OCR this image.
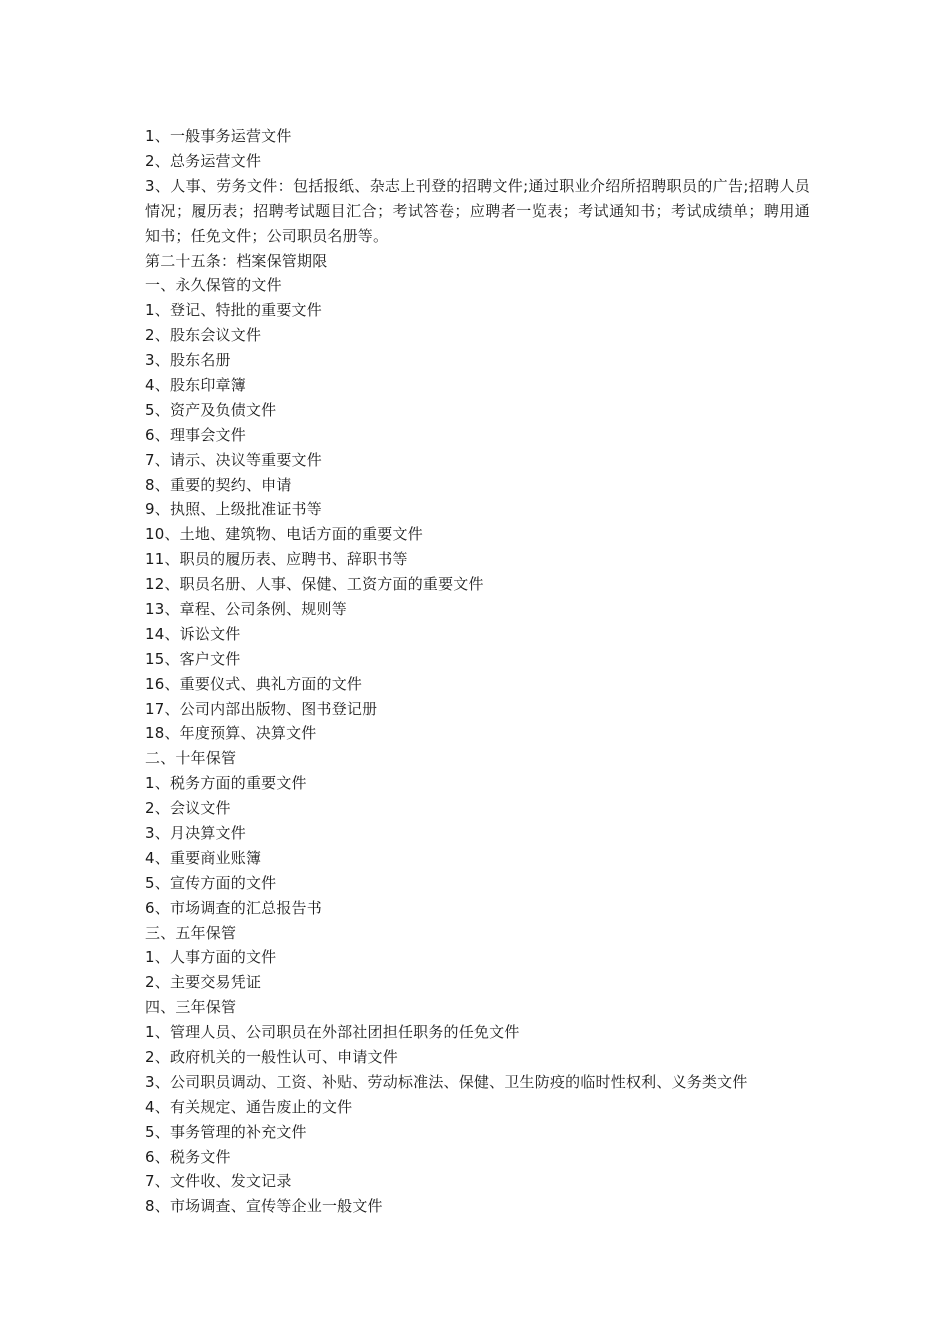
1、一般事务运营文件
2、总务运营文件
3、人事、劳务文件：包括报纸、杂志上刊登的招聘文件;通过职业介绍所招聘职员的广告;招聘人员情况；履历表；招聘考试题目汇合；考试答卷；应聘者一览表；考试通知书；考试成绩单；聘用通知书；任免文件；公司职员名册等。
第二十五条：档案保管期限
一、永久保管的文件
1、登记、特批的重要文件
2、股东会议文件
3、股东名册
4、股东印章簿
5、资产及负债文件
6、理事会文件
7、请示、决议等重要文件
8、重要的契约、申请
9、执照、上级批准证书等
10、土地、建筑物、电话方面的重要文件
11、职员的履历表、应聘书、辞职书等
12、职员名册、人事、保健、工资方面的重要文件
13、章程、公司条例、规则等
14、诉讼文件
15、客户文件
16、重要仪式、典礼方面的文件
17、公司内部出版物、图书登记册
18、年度预算、决算文件
二、十年保管
1、税务方面的重要文件
2、会议文件
3、月决算文件
4、重要商业账簿
5、宣传方面的文件
6、市场调查的汇总报告书
三、五年保管
1、人事方面的文件
2、主要交易凭证
四、三年保管
1、管理人员、公司职员在外部社团担任职务的任免文件
2、政府机关的一般性认可、申请文件
3、公司职员调动、工资、补贴、劳动标准法、保健、卫生防疫的临时性权利、义务类文件
4、有关规定、通告废止的文件
5、事务管理的补充文件
6、税务文件
7、文件收、发文记录
8、市场调查、宣传等企业一般文件
